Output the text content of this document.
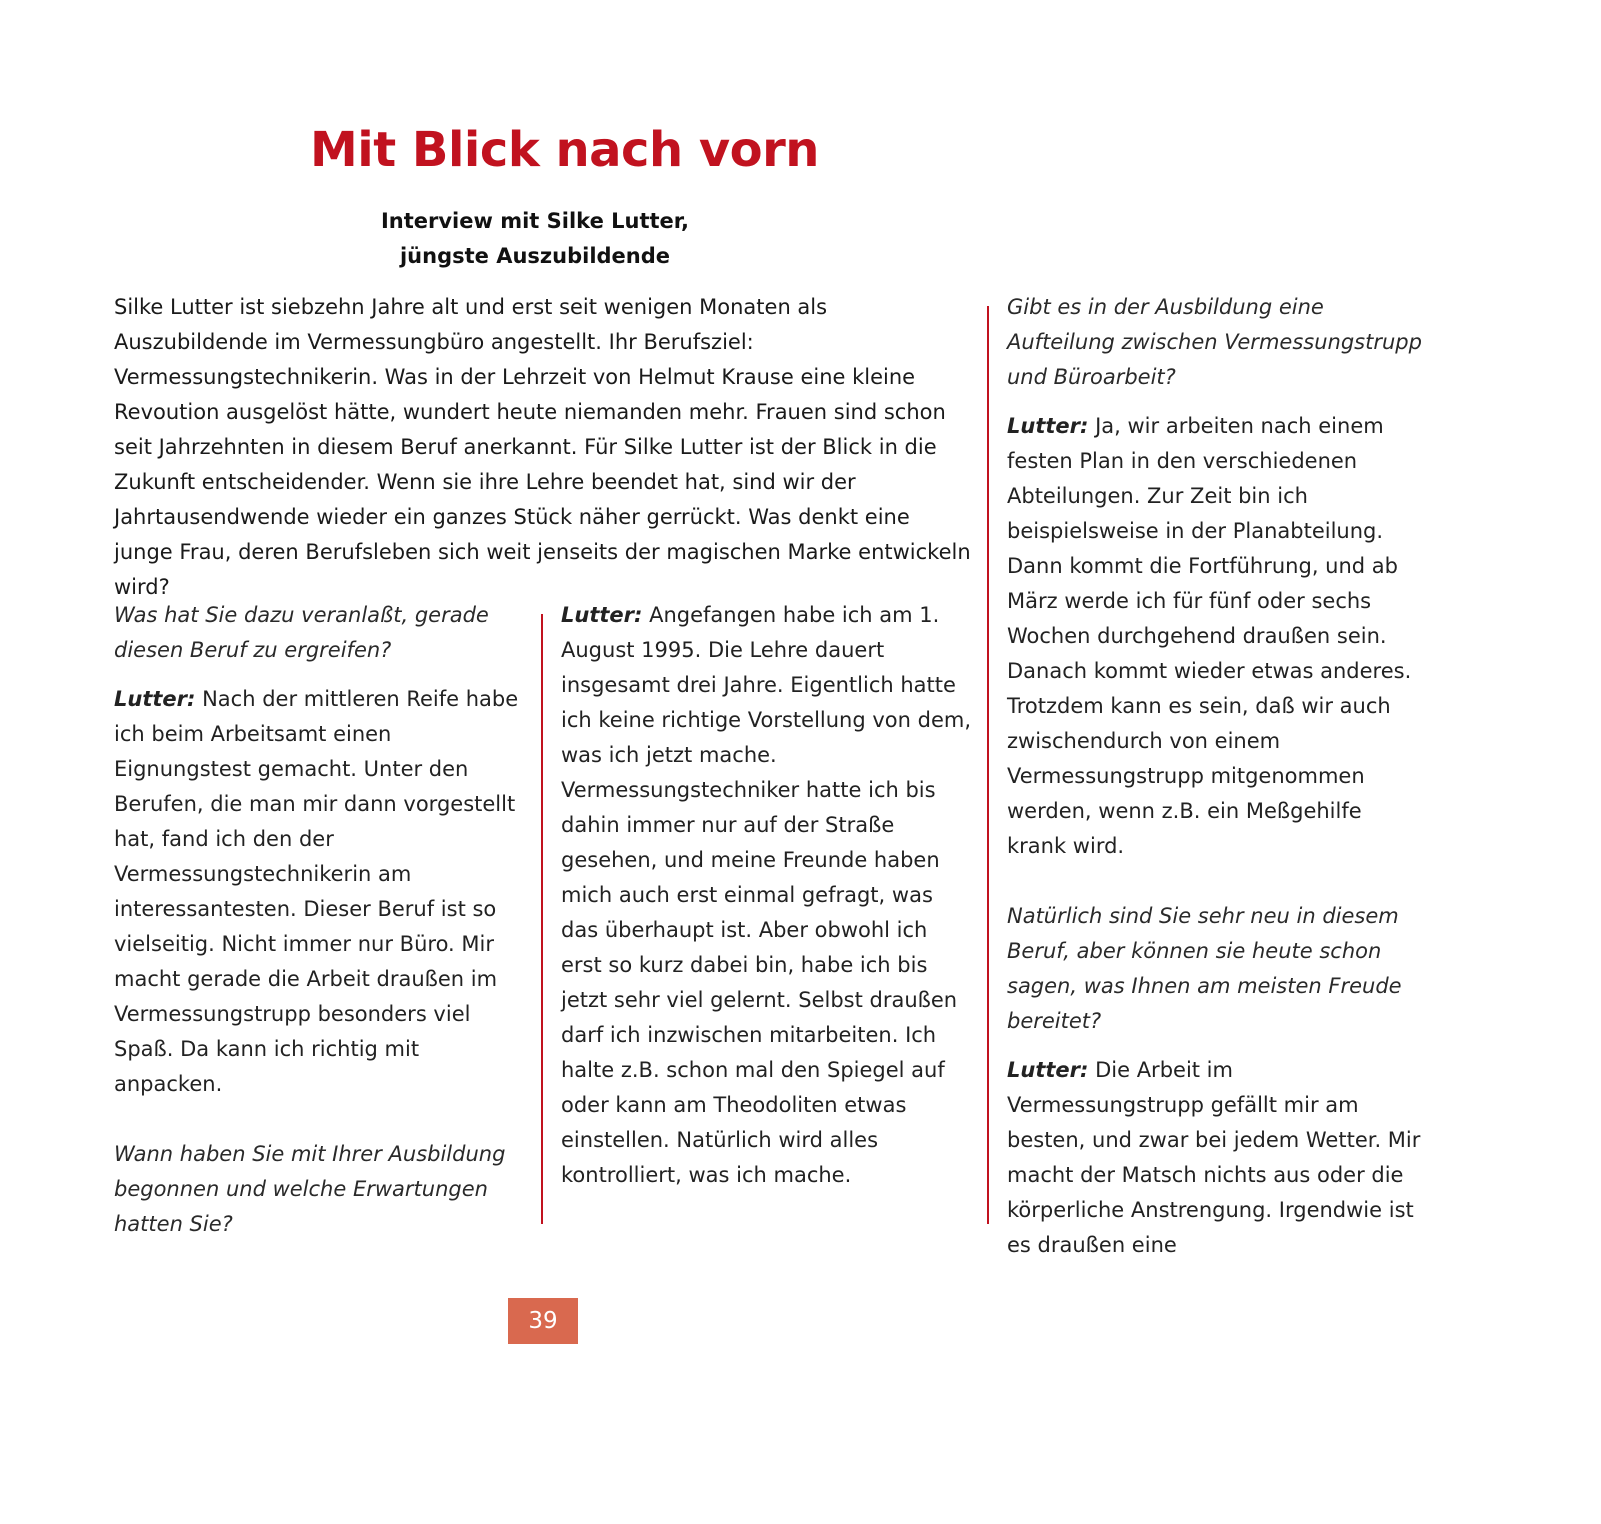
Mit Blick nach vorn
Interview mit Silke Lutter,
jüngste Auszubildende

Silke Lutter ist siebzehn Jahre alt und erst seit wenigen Monaten als Auszubildende im Vermessungbüro angestellt. Ihr Berufsziel: Vermessungstechnikerin. Was in der Lehrzeit von Helmut Krause eine kleine Revoution ausgelöst hätte, wundert heute niemanden mehr. Frauen sind schon seit Jahrzehnten in diesem Beruf anerkannt. Für Silke Lutter ist der Blick in die Zukunft entscheidender. Wenn sie ihre Lehre beendet hat, sind wir der Jahrtausendwende wieder ein ganzes Stück näher gerrückt. Was denkt eine junge Frau, deren Berufsleben sich weit jenseits der magischen Marke entwickeln wird?

Was hat Sie dazu veranlaßt, gerade diesen Beruf zu ergreifen?

Lutter: Nach der mittleren Reife habe ich beim Arbeitsamt einen Eignungstest gemacht. Unter den Berufen, die man mir dann vorgestellt hat, fand ich den der Vermessungstechnikerin am interessantesten. Dieser Beruf ist so vielseitig. Nicht immer nur Büro. Mir macht gerade die Arbeit draußen im Vermessungstrupp besonders viel Spaß. Da kann ich richtig mit anpacken.

Wann haben Sie mit Ihrer Ausbildung begonnen und welche Erwartungen hatten Sie?

Lutter: Angefangen habe ich am 1. August 1995. Die Lehre dauert insgesamt drei Jahre. Eigentlich hatte ich keine richtige Vorstellung von dem, was ich jetzt mache. Vermessungstechniker hatte ich bis dahin immer nur auf der Straße gesehen, und meine Freunde haben mich auch erst einmal gefragt, was das überhaupt ist. Aber obwohl ich erst so kurz dabei bin, habe ich bis jetzt sehr viel gelernt. Selbst draußen darf ich inzwischen mitarbeiten. Ich halte z.B. schon mal den Spiegel auf oder kann am Theodoliten etwas einstellen. Natürlich wird alles kontrolliert, was ich mache.

Gibt es in der Ausbildung eine Aufteilung zwischen Vermessungstrupp und Büroarbeit?

Lutter: Ja, wir arbeiten nach einem festen Plan in den verschiedenen Abteilungen. Zur Zeit bin ich beispielsweise in der Planabteilung. Dann kommt die Fortführung, und ab März werde ich für fünf oder sechs Wochen durchgehend draußen sein. Danach kommt wieder etwas anderes. Trotzdem kann es sein, daß wir auch zwischendurch von einem Vermessungstrupp mitgenommen werden, wenn z.B. ein Meßgehilfe krank wird.

Natürlich sind Sie sehr neu in diesem Beruf, aber können sie heute schon sagen, was Ihnen am meisten Freude bereitet?

Lutter: Die Arbeit im Vermessungstrupp gefällt mir am besten, und zwar bei jedem Wetter. Mir macht der Matsch nichts aus oder die körperliche Anstrengung. Irgendwie ist es draußen eine

39
